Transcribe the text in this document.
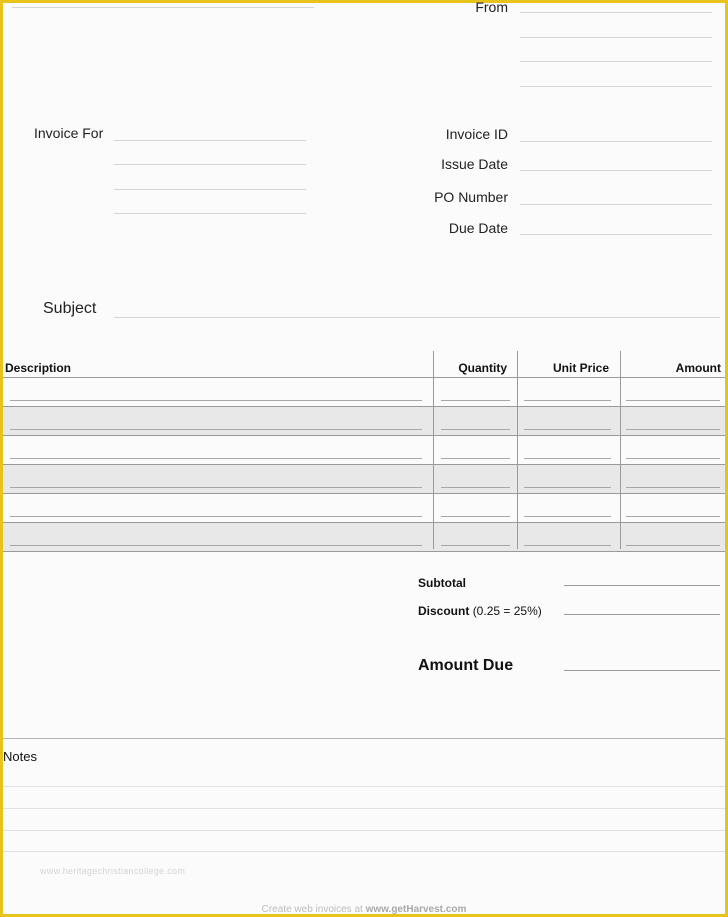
From
Invoice For	Invoice ID
Issue Date
PO Number
Due Date
Subject
Description	Quantity	Unit Price	Amount
Subtotal
Discount (0.25 = 25%)
Amount Due
Notes
www.heritagechristiancollege.com
Create web invoices at www.getHarvest.com
